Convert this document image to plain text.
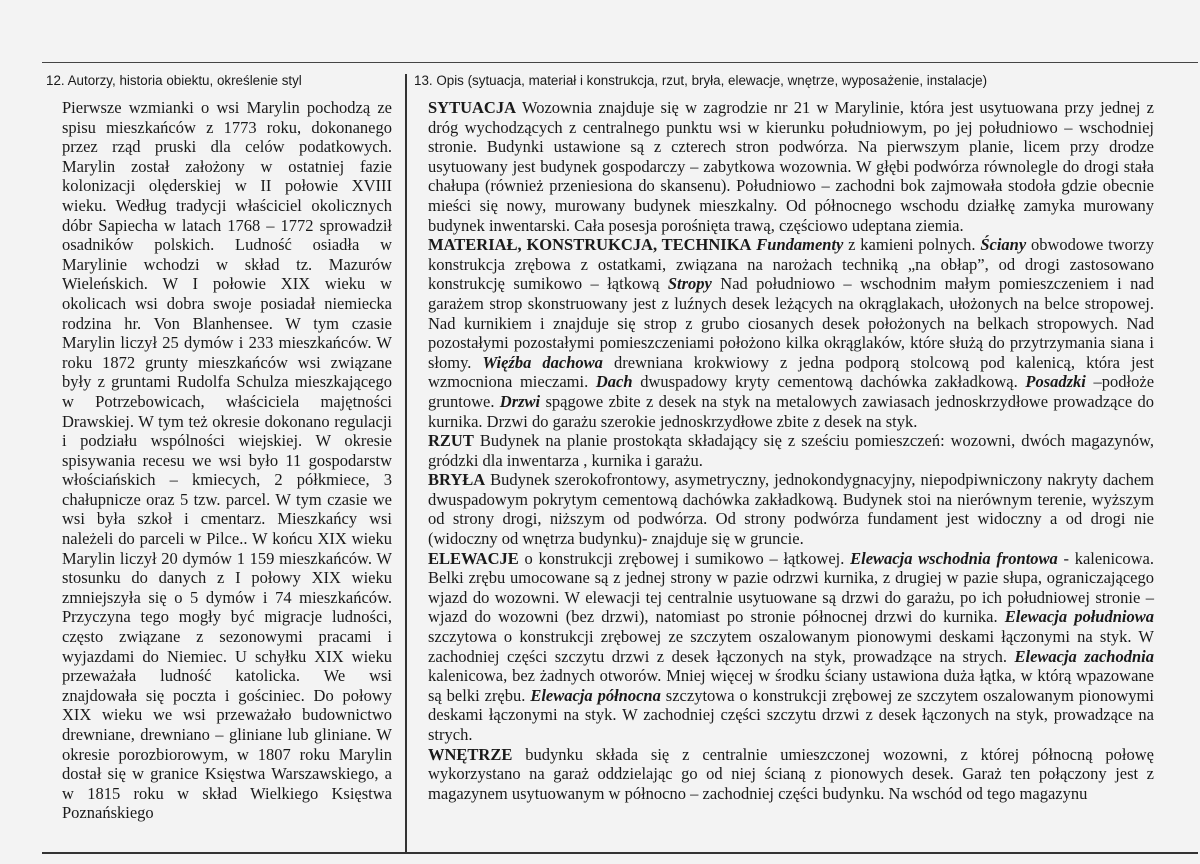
12. Autorzy, historia obiektu, określenie styl	13. Opis (sytuacja, materiał i konstrukcja, rzut, bryła, elewacje, wnętrze, wyposażenie, instalacje)

Pierwsze wzmianki o wsi Marylin pochodzą ze spisu mieszkańców z 1773 roku, dokonanego przez rząd pruski dla celów podatkowych. Marylin został założony w ostatniej fazie kolonizacji olęderskiej w II połowie XVIII wieku. Według tradycji właściciel okolicznych dóbr Sapiecha w latach 1768 – 1772 sprowadził osadników polskich. Ludność osiadła w Marylinie wchodzi w skład tz. Mazurów Wieleńskich. W I połowie XIX wieku w okolicach wsi dobra swoje posiadał niemiecka rodzina hr. Von Blanhensee. W tym czasie Marylin liczył 25 dymów i 233 mieszkańców. W roku 1872 grunty mieszkańców wsi związane były z gruntami Rudolfa Schulza mieszkającego w Potrzebowicach, właściciela majętności Drawskiej. W tym też okresie dokonano regulacji i podziału wspólności wiejskiej. W okresie spisywania recesu we wsi było 11 gospodarstw włościańskich – kmiecych, 2 półkmiece, 3 chałupnicze oraz 5 tzw. parcel. W tym czasie we wsi była szkoł i cmentarz. Mieszkańcy wsi należeli do parceli w Pilce.. W końcu XIX wieku Marylin liczył 20 dymów 1 159 mieszkańców. W stosunku do danych z I połowy XIX wieku zmniejszyła się o 5 dymów i 74 mieszkańców. Przyczyna tego mogły być migracje ludności, często związane z sezonowymi pracami i wyjazdami do Niemiec. U schyłku XIX wieku przeważała ludność katolicka. We wsi znajdowała się poczta i gościniec. Do połowy XIX wieku we wsi przeważało budownictwo drewniane, drewniano – gliniane lub gliniane. W okresie porozbiorowym, w 1807 roku Marylin dostał się w granice Księstwa Warszawskiego, a w 1815 roku w skład Wielkiego Księstwa Poznańskiego

SYTUACJA Wozownia znajduje się w zagrodzie nr 21 w Marylinie, która jest usytuowana przy jednej z dróg wychodzących z centralnego punktu wsi w kierunku południowym, po jej południowo – wschodniej stronie. Budynki ustawione są z czterech stron podwórza. Na pierwszym planie, licem przy drodze usytuowany jest budynek gospodarczy – zabytkowa wozownia. W głębi podwórza równolegle do drogi stała chałupa (również przeniesiona do skansenu). Południowo – zachodni bok zajmowała stodoła gdzie obecnie mieści się nowy, murowany budynek mieszkalny. Od północnego wschodu działkę zamyka murowany budynek inwentarski. Cała posesja porośnięta trawą, częściowo udeptana ziemia.

MATERIAŁ, KONSTRUKCJA, TECHNIKA Fundamenty z kamieni polnych. Ściany obwodowe tworzy konstrukcja zrębowa z ostatkami, związana na narożach techniką „na obłap”, od drogi zastosowano konstrukcję sumikowo – łątkową Stropy Nad południowo – wschodnim małym pomieszczeniem i nad garażem strop skonstruowany jest z luźnych desek leżących na okrąglakach, ułożonych na belce stropowej. Nad kurnikiem i znajduje się strop z grubo ciosanych desek położonych na belkach stropowych. Nad pozostałymi pozostałymi pomieszczeniami położono kilka okrąglaków, które służą do przytrzymania siana i słomy. Więźba dachowa drewniana krokwiowy z jedna podporą stolcową pod kalenicą, która jest wzmocniona mieczami. Dach dwuspadowy kryty cementową dachówka zakładkową. Posadzki –podłoże gruntowe. Drzwi spągowe zbite z desek na styk na metalowych zawiasach jednoskrzydłowe prowadzące do kurnika. Drzwi do garażu szerokie jednoskrzydłowe zbite z desek na styk.

RZUT Budynek na planie prostokąta składający się z sześciu pomieszczeń: wozowni, dwóch magazynów, gródzki dla inwentarza , kurnika i garażu.

BRYŁA Budynek szerokofrontowy, asymetryczny, jednokondygnacyjny, niepodpiwniczony nakryty dachem dwuspadowym pokrytym cementową dachówka zakładkową. Budynek stoi na nierównym terenie, wyższym od strony drogi, niższym od podwórza. Od strony podwórza fundament jest widoczny a od drogi nie (widoczny od wnętrza budynku)- znajduje się w gruncie.

ELEWACJE o konstrukcji zrębowej i sumikowo – łątkowej. Elewacja wschodnia frontowa - kalenicowa. Belki zrębu umocowane są z jednej strony w pazie odrzwi kurnika, z drugiej w pazie słupa, ograniczającego wjazd do wozowni. W elewacji tej centralnie usytuowane są drzwi do garażu, po ich południowej stronie – wjazd do wozowni (bez drzwi), natomiast po stronie północnej drzwi do kurnika. Elewacja południowa szczytowa o konstrukcji zrębowej ze szczytem oszalowanym pionowymi deskami łączonymi na styk. W zachodniej części szczytu drzwi z desek łączonych na styk, prowadzące na strych. Elewacja zachodnia kalenicowa, bez żadnych otworów. Mniej więcej w środku ściany ustawiona duża łątka, w którą wpazowane są belki zrębu. Elewacja północna szczytowa o konstrukcji zrębowej ze szczytem oszalowanym pionowymi deskami łączonymi na styk. W zachodniej części szczytu drzwi z desek łączonych na styk, prowadzące na strych.

WNĘTRZE budynku składa się z centralnie umieszczonej wozowni, z której północną połowę wykorzystano na garaż oddzielając go od niej ścianą z pionowych desek. Garaż ten połączony jest z magazynem usytuowanym w północno – zachodniej części budynku. Na wschód od tego magazynu
